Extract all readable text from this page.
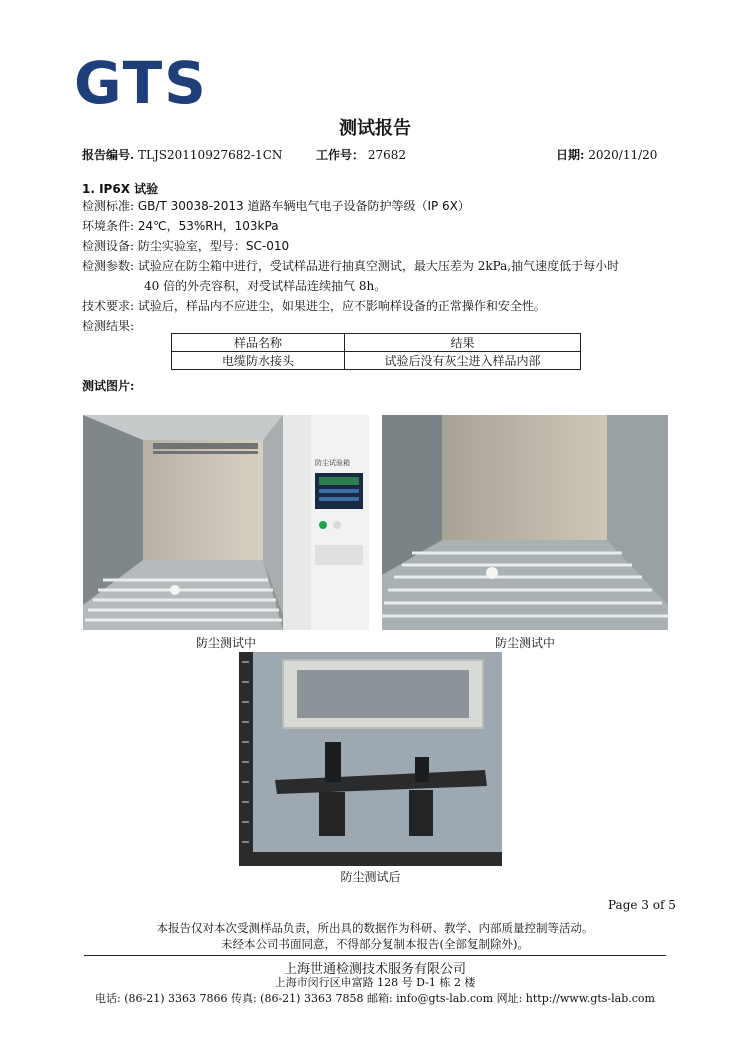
GTS
测试报告
报告编号. TLJS20110927682-1CN	工作号： 27682	日期: 2020/11/20
1. IP6X 试验
检测标准: GB/T 30038-2013 道路车辆电气电子设备防护等级（IP 6X）
环境条件: 24℃，53%RH，103kPa
检测设备: 防尘实验室，型号：SC-010
检测参数: 试验应在防尘箱中进行，受试样品进行抽真空测试，最大压差为 2kPa,抽气速度低于每小时
40 倍的外壳容积，对受试样品连续抽气 8h。
技术要求: 试验后，样品内不应进尘，如果进尘，应不影响样设备的正常操作和安全性。
检测结果:
样品名称	结果
电缆防水接头	试验后没有灰尘进入样品内部
测试图片:
防尘试验箱
防尘测试中	防尘测试中
防尘测试后
Page 3 of 5
本报告仅对本次受测样品负责，所出具的数据作为科研、教学、内部质量控制等活动。
未经本公司书面同意，不得部分复制本报告(全部复制除外)。
上海世通检测技术服务有限公司
上海市闵行区申富路 128 号 D-1 栋 2 楼
电话: (86-21) 3363 7866 传真: (86-21) 3363 7858 邮箱: info@gts-lab.com 网址: http://www.gts-lab.com
